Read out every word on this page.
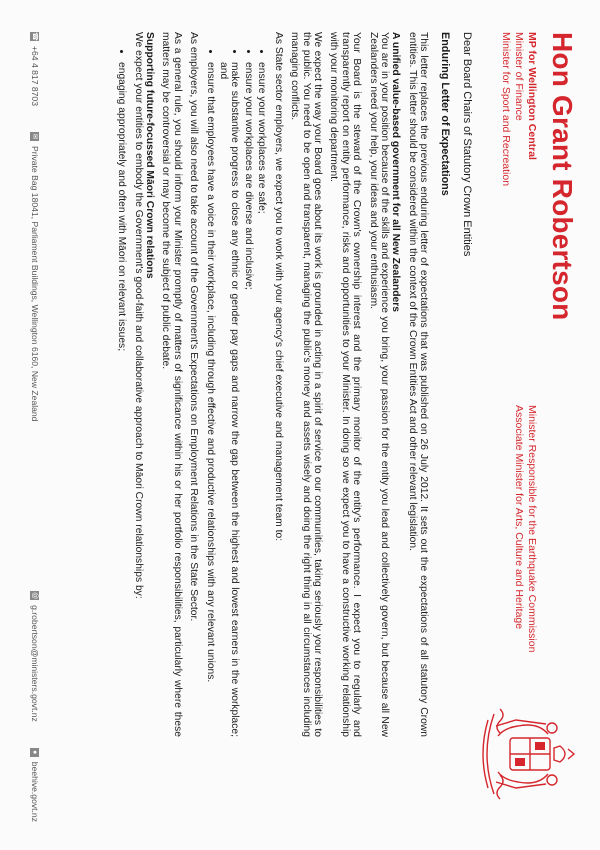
Hon Grant Robertson
MP for Wellington Central
Minister of Finance
Minister for Sport and Recreation
Minister Responsible for the Earthquake Commission
Associate Minister for Arts, Culture and Heritage

Dear Board Chairs of Statutory Crown Entities

Enduring Letter of Expectations

This letter replaces the previous enduring letter of expectations that was published on 26 July 2012. It sets out the expectations of all statutory Crown entities. This letter should be considered within the context of the Crown Entities Act and other relevant legislation.

A unified value-based government for all New Zealanders

You are in your position because of the skills and experience you bring, your passion for the entity you lead and collectively govern, but because all New Zealanders need your help, your ideas and your enthusiasm.

Your Board is the steward of the Crown's ownership interest and the primary monitor of the entity's performance. I expect you to regularly and transparently report on entity performance, risks and opportunities to your Minister. In doing so we expect you to have a constructive working relationship with your monitoring department.

We expect the way your Board goes about its work is grounded in acting in a spirit of service to our communities, taking seriously your responsibilities to the public. You need to be open and transparent, managing the public's money and assets wisely and doing the right thing in all circumstances including managing conflicts.

As State sector employers, we expect you to work with your agency's chief executive and management team to:

• ensure your workplaces are safe;
• ensure your workplaces are diverse and inclusive;
• make substantive progress to close any ethnic or gender pay gaps and narrow the gap between the highest and lowest earners in the workplace; and
• ensure that employees have a voice in their workplace, including through effective and productive relationships with any relevant unions.

As employers, you will also need to take account of the Government's Expectations on Employment Relations in the State Sector.

As a general rule, you should inform your Minister promptly of matters of significance within his or her portfolio responsibilities, particularly where these matters may be controversial or may become the subject of public debate.

Supporting future-focussed Māori Crown relations

We expect your entities to embody the Government's good-faith and collaborative approach to Māori Crown relationships by:

• engaging appropriately and often with Māori on relevant issues;
☎
+64 4 817 8703
✉
Private Bag 18041, Parliament Buildings, Wellington 6160, New Zealand
@
g.robertson@ministers.govt.nz
●
beehive.govt.nz
